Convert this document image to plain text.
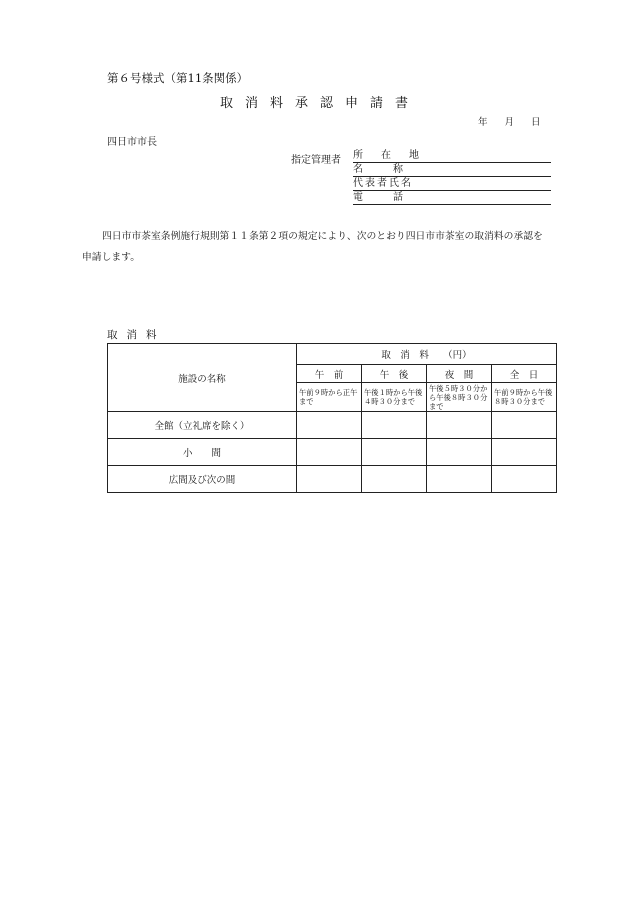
第６号様式（第11条関係）
取消料承認申請書
年 月 日
四日市市長
指定管理者 所在地
名称
代表者氏名
電話
四日市市茶室条例施行規則第１１条第２項の規定により、次のとおり四日市市茶室の取消料の承認を申請します。
取消料
施設の名称	取　消　料　　（円）			
	午　前	午　後	夜　間	全　日
	午前９時から正午まで	午後１時から午後４時３０分まで	午後５時３０分から午後８時３０分まで	午前９時から午後８時３０分まで
全館（立礼席を除く）				
小　　間				
広間及び次の間				
